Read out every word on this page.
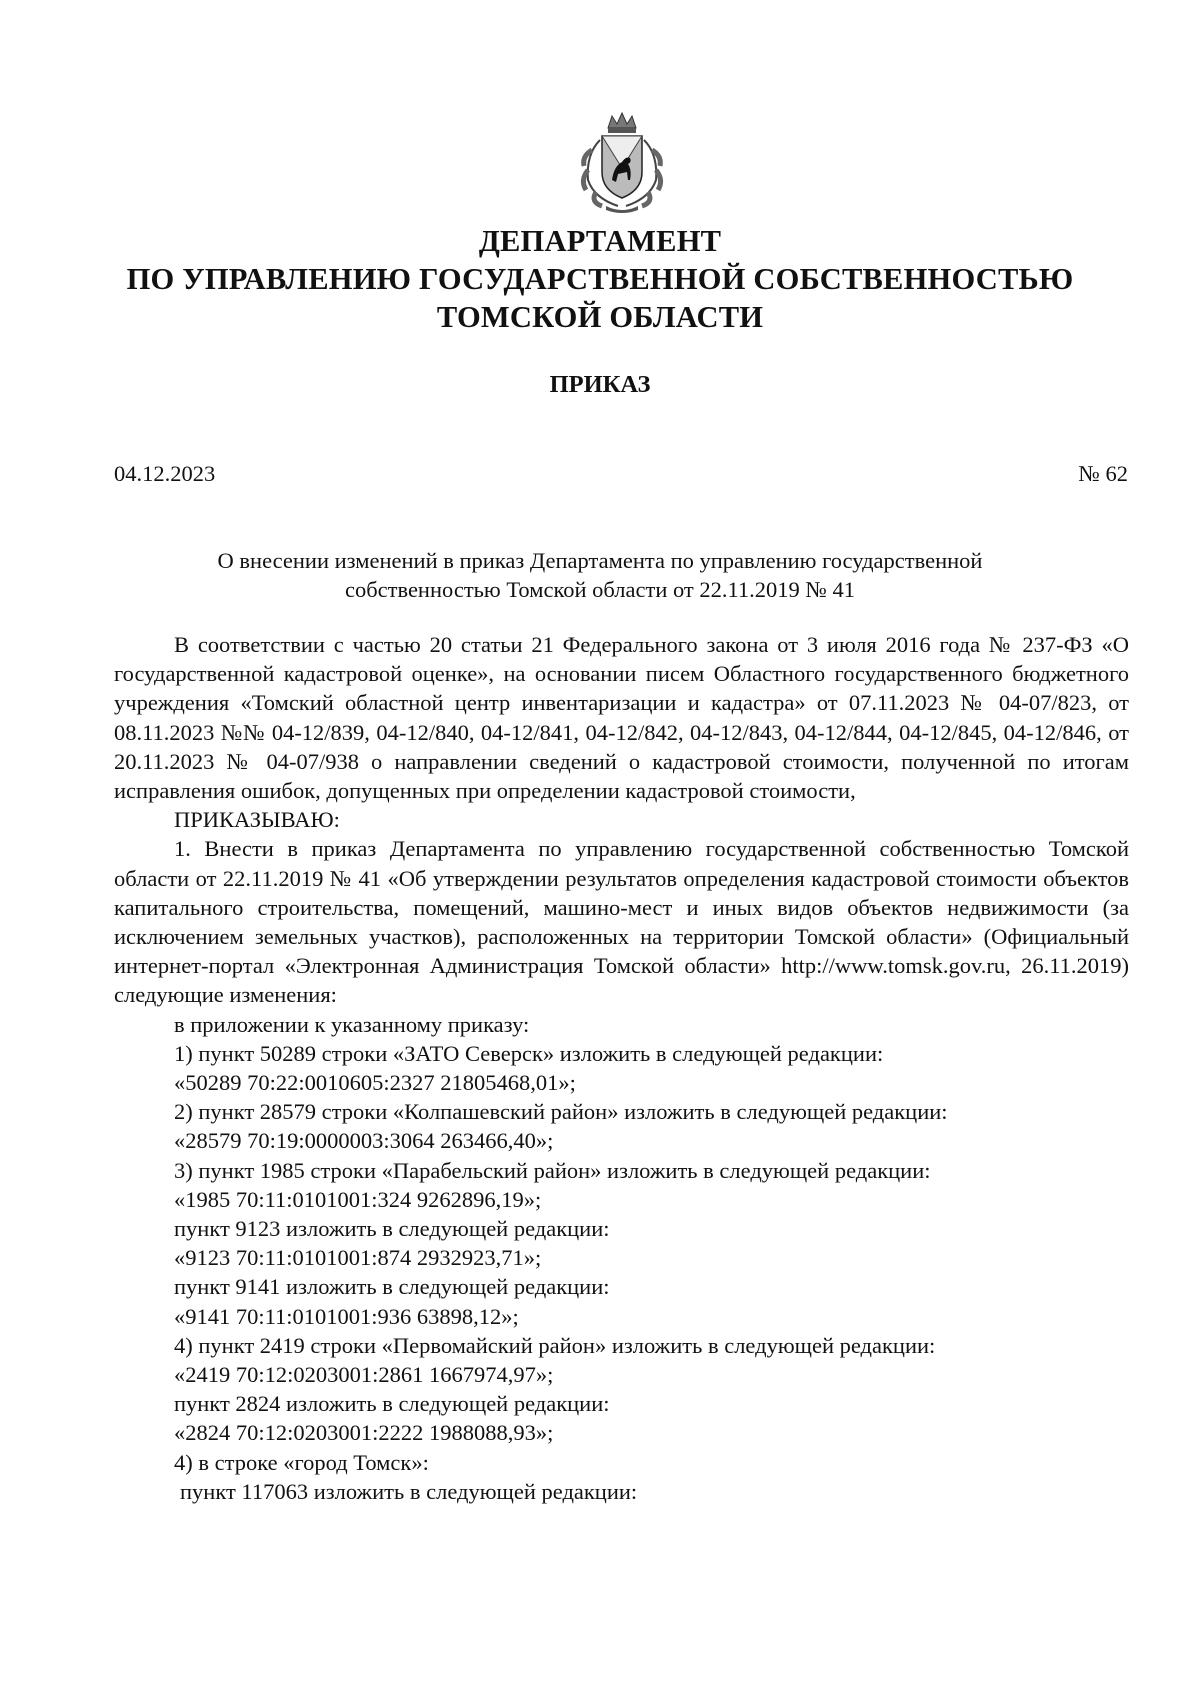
ДЕПАРТАМЕНТ
ПО УПРАВЛЕНИЮ ГОСУДАРСТВЕННОЙ СОБСТВЕННОСТЬЮ
ТОМСКОЙ ОБЛАСТИ
ПРИКАЗ
04.12.2023	№ 62
О внесении изменений в приказ Департамента по управлению государственной
собственностью Томской области от 22.11.2019 № 41

В соответствии с частью 20 статьи 21 Федерального закона от 3 июля 2016 года № 237-ФЗ «О государственной кадастровой оценке», на основании писем Областного государственного бюджетного учреждения «Томский областной центр инвентаризации и кадастра» от 07.11.2023 № 04-07/823, от 08.11.2023 №№ 04-12/839, 04-12/840, 04-12/841, 04-12/842, 04-12/843, 04-12/844, 04-12/845, 04-12/846, от 20.11.2023 № 04-07/938 о направлении сведений о кадастровой стоимости, полученной по итогам исправления ошибок, допущенных при определении кадастровой стоимости,

ПРИКАЗЫВАЮ:

1. Внести в приказ Департамента по управлению государственной собственностью Томской области от 22.11.2019 № 41 «Об утверждении результатов определения кадастровой стоимости объектов капитального строительства, помещений, машино-мест и иных видов объектов недвижимости (за исключением земельных участков), расположенных на территории Томской области» (Официальный интернет-портал «Электронная Администрация Томской области» http://www.tomsk.gov.ru, 26.11.2019) следующие изменения:

в приложении к указанному приказу:

1) пункт 50289 строки «ЗАТО Северск» изложить в следующей редакции:

«50289 70:22:0010605:2327 21805468,01»;

2) пункт 28579 строки «Колпашевский район» изложить в следующей редакции:

«28579 70:19:0000003:3064 263466,40»;

3) пункт 1985 строки «Парабельский район» изложить в следующей редакции:

«1985 70:11:0101001:324 9262896,19»;

пункт 9123 изложить в следующей редакции:

«9123 70:11:0101001:874 2932923,71»;

пункт 9141 изложить в следующей редакции:

«9141 70:11:0101001:936 63898,12»;

4) пункт 2419 строки «Первомайский район» изложить в следующей редакции:

«2419 70:12:0203001:2861 1667974,97»;

пункт 2824 изложить в следующей редакции:

«2824 70:12:0203001:2222 1988088,93»;

4) в строке «город Томск»:

пункт 117063 изложить в следующей редакции:
